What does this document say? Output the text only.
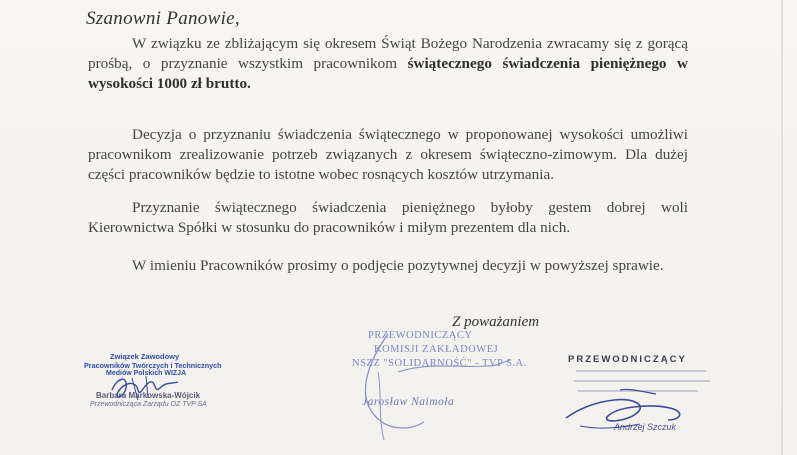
Szanowni Panowie,
W związku ze zbliżającym się okresem Świąt Bożego Narodzenia zwracamy się z gorącą prośbą, o przyznanie wszystkim pracownikom świątecznego świadczenia pieniężnego w wysokości 1000 zł brutto.
Decyzja o przyznaniu świadczenia świątecznego w proponowanej wysokości umożliwi pracownikom zrealizowanie potrzeb związanych z okresem świąteczno-zimowym. Dla dużej części pracowników będzie to istotne wobec rosnących kosztów utrzymania.
Przyznanie świątecznego świadczenia pieniężnego byłoby gestem dobrej woli Kierownictwa Spółki w stosunku do pracowników i miłym prezentem dla nich.
W imieniu Pracowników prosimy o podjęcie pozytywnej decyzji w powyższej sprawie.
Z poważaniem
Związek Zawodowy
Pracowników Twórczych i Technicznych
Mediów Polskich WIZJA
Barbara Markowska-Wójcik
Przewodnicząca Zarządu OZ TVP SA
PRZEWODNICZĄCY
KOMISJI ZAKŁADOWEJ
NSZZ "SOLIDARNOŚĆ" - TVP S.A.
Jarosław Naimoła
PRZEWODNICZĄCY
Andrzej Szczuk
